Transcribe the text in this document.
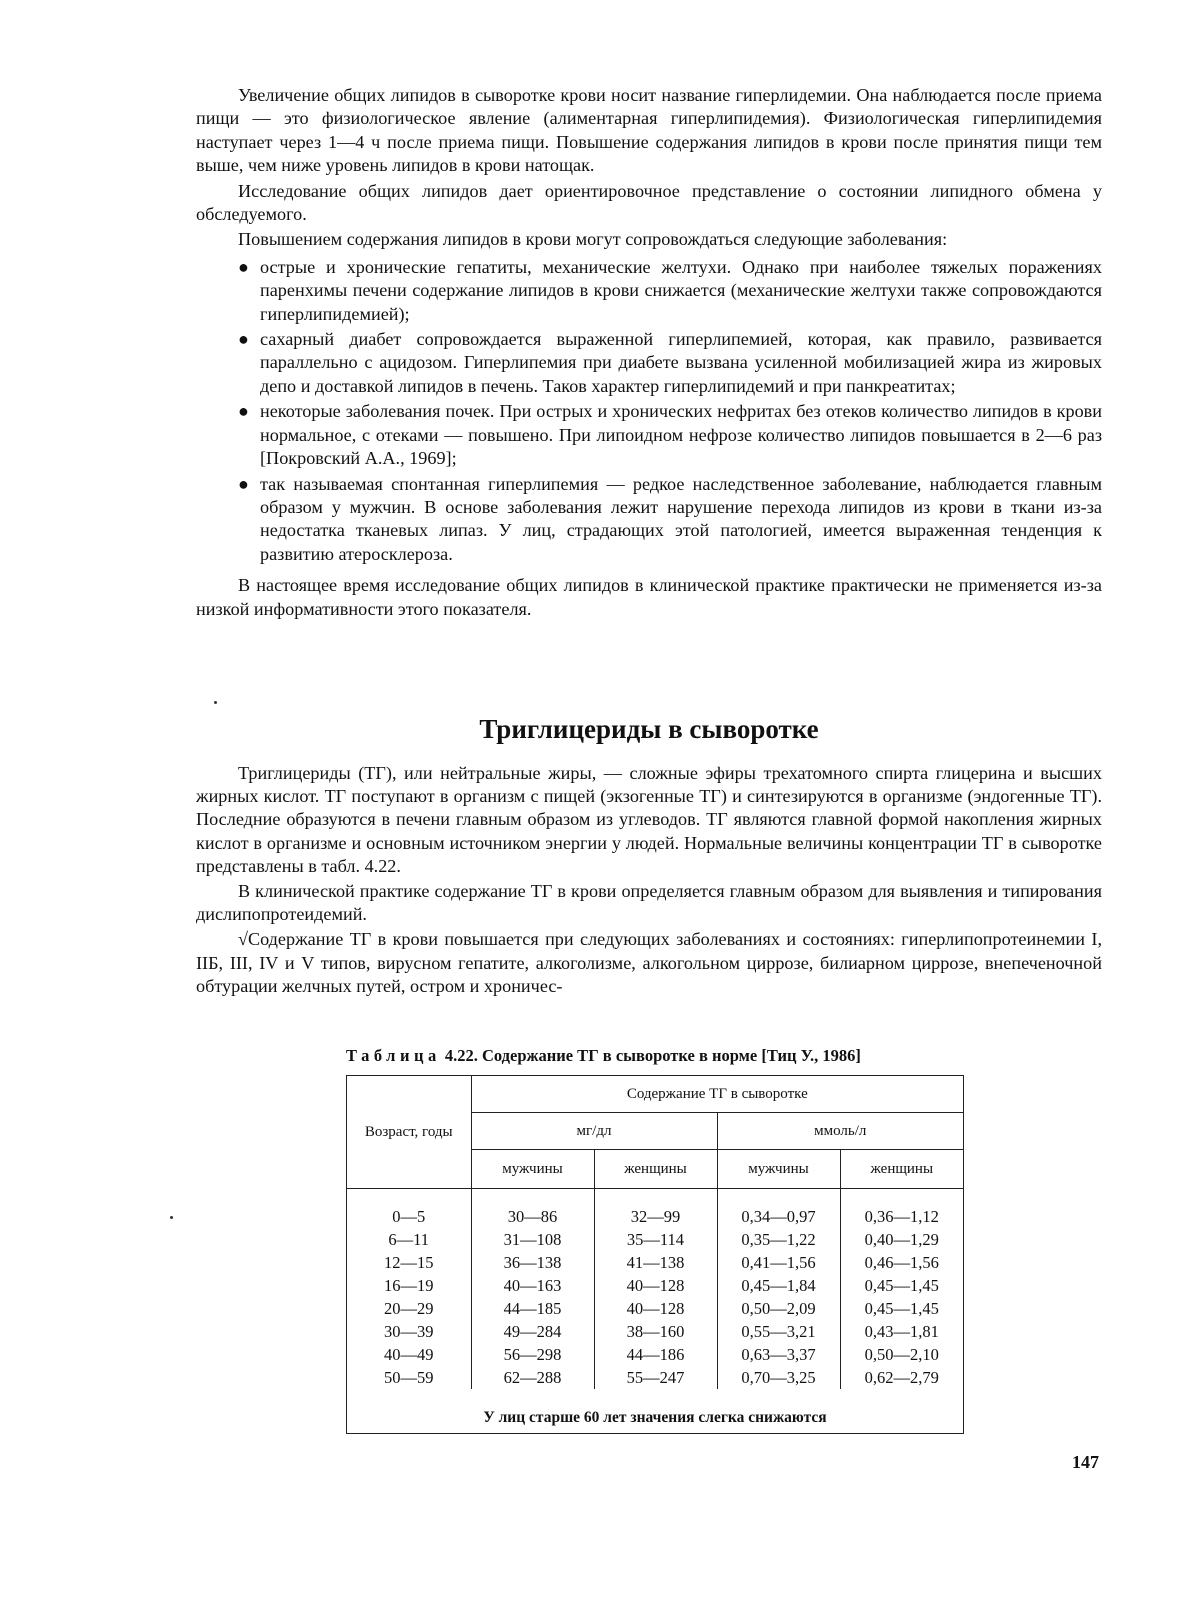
Увеличение общих липидов в сыворотке крови носит название гиперлидемии. Она наблюдается после приема пищи — это физиологическое явление (алиментарная гиперлипидемия). Физиологическая гиперлипидемия наступает через 1—4 ч после приема пищи. Повышение содержания липидов в крови после принятия пищи тем выше, чем ниже уровень липидов в крови натощак.

Исследование общих липидов дает ориентировочное представление о состоянии липидного обмена у обследуемого.

Повышением содержания липидов в крови могут сопровождаться следующие заболевания:

● острые и хронические гепатиты, механические желтухи. Однако при наиболее тяжелых поражениях паренхимы печени содержание липидов в крови снижается (механические желтухи также сопровождаются гиперлипидемией);
● сахарный диабет сопровождается выраженной гиперлипемией, которая, как правило, развивается параллельно с ацидозом. Гиперлипемия при диабете вызвана усиленной мобилизацией жира из жировых депо и доставкой липидов в печень. Таков характер гиперлипидемий и при панкреатитах;
● некоторые заболевания почек. При острых и хронических нефритах без отеков количество липидов в крови нормальное, с отеками — повышено. При липоидном нефрозе количество липидов повышается в 2—6 раз [Покровский А.А., 1969];
● так называемая спонтанная гиперлипемия — редкое наследственное заболевание, наблюдается главным образом у мужчин. В основе заболевания лежит нарушение перехода липидов из крови в ткани из-за недостатка тканевых липаз. У лиц, страдающих этой патологией, имеется выраженная тенденция к развитию атеросклероза.

В настоящее время исследование общих липидов в клинической практике практически не применяется из-за низкой информативности этого показателя.

Триглицериды в сыворотке

Триглицериды (ТГ), или нейтральные жиры, — сложные эфиры трехатомного спирта глицерина и высших жирных кислот. ТГ поступают в организм с пищей (экзогенные ТГ) и синтезируются в организме (эндогенные ТГ). Последние образуются в печени главным образом из углеводов. ТГ являются главной формой накопления жирных кислот в организме и основным источником энергии у людей. Нормальные величины концентрации ТГ в сыворотке представлены в табл. 4.22.

В клинической практике содержание ТГ в крови определяется главным образом для выявления и типирования дислипопротеидемий.

√Содержание ТГ в крови повышается при следующих заболеваниях и состояниях: гиперлипопротеинемии I, IIБ, III, IV и V типов, вирусном гепатите, алкоголизме, алкогольном циррозе, билиарном циррозе, внепеченочной обтурации желчных путей, остром и хроничес-

Таблица 4.22. Содержание ТГ в сыворотке в норме [Тиц У., 1986]
Возраст, годы	Содержание ТГ в сыворотке			
	мг/дл		ммоль/л	
	мужчины	женщины	мужчины	женщины

0—5	30—86	32—99	0,34—0,97	0,36—1,12
6—11	31—108	35—114	0,35—1,22	0,40—1,29
12—15	36—138	41—138	0,41—1,56	0,46—1,56
16—19	40—163	40—128	0,45—1,84	0,45—1,45
20—29	44—185	40—128	0,50—2,09	0,45—1,45
30—39	49—284	38—160	0,55—3,21	0,43—1,81
40—49	56—298	44—186	0,63—3,37	0,50—2,10
50—59	62—288	55—247	0,70—3,25	0,62—2,79
У лиц старше 60 лет значения слегка снижаются
147
